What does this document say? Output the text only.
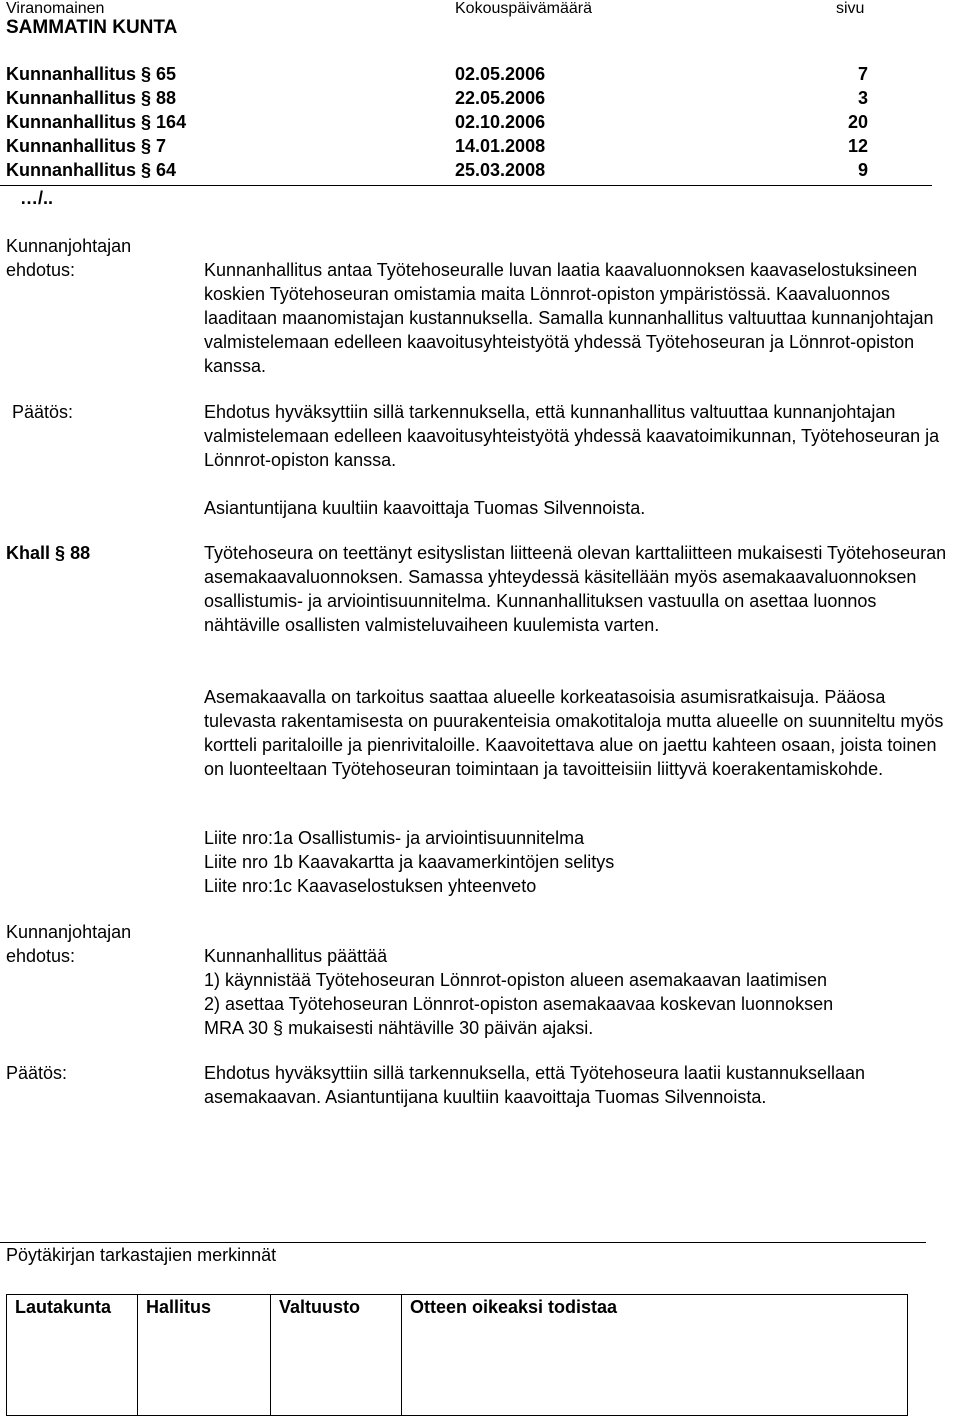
Viranomainen	Kokouspäivämäärä	sivu
SAMMATIN KUNTA
Kunnanhallitus § 65	02.05.2006	7
Kunnanhallitus § 88	22.05.2006	3
Kunnanhallitus § 164	02.10.2006	20
Kunnanhallitus § 7	14.01.2008	12
Kunnanhallitus § 64	25.03.2008	9
…/..
Kunnanjohtajan
ehdotus:	Kunnanhallitus antaa Työtehoseuralle luvan laatia kaavaluonnoksen kaavaselostuksineen koskien Työtehoseuran omistamia maita Lönnrot-opiston ympäristössä. Kaavaluonnos laaditaan maanomistajan kustannuksella. Samalla kunnanhallitus valtuuttaa kunnanjohtajan valmistelemaan edelleen kaavoitusyhteistyötä yhdessä Työtehoseuran ja Lönnrot-opiston kanssa.
Päätös:	Ehdotus hyväksyttiin sillä tarkennuksella, että kunnanhallitus valtuuttaa kunnanjohtajan valmistelemaan edelleen kaavoitusyhteistyötä yhdessä kaavatoimikunnan, Työtehoseuran ja Lönnrot-opiston kanssa.
Asiantuntijana kuultiin kaavoittaja Tuomas Silvennoista.
Khall § 88	Työtehoseura on teettänyt esityslistan liitteenä olevan karttaliitteen mukaisesti Työtehoseuran asemakaavaluonnoksen. Samassa yhteydessä käsitellään myös asemakaavaluonnoksen osallistumis- ja arviointisuunnitelma. Kunnanhallituksen vastuulla on asettaa luonnos nähtäville osallisten valmisteluvaiheen kuulemista varten.
Asemakaavalla on tarkoitus saattaa alueelle korkeatasoisia asumisratkaisuja. Pääosa tulevasta rakentamisesta on puurakenteisia omakotitaloja mutta alueelle on suunniteltu myös kortteli paritaloille ja pienrivitaloille. Kaavoitettava alue on jaettu kahteen osaan, joista toinen on luonteeltaan Työtehoseuran toimintaan ja tavoitteisiin liittyvä koerakentamiskohde.

Liite nro:1a Osallistumis- ja arviointisuunnitelma

Liite nro 1b Kaavakartta ja kaavamerkintöjen selitys

Liite nro:1c Kaavaselostuksen yhteenveto

Kunnanjohtajan
ehdotus:	Kunnanhallitus päättää

1) käynnistää Työtehoseuran Lönnrot-opiston alueen asemakaavan laatimisen

2) asettaa Työtehoseuran Lönnrot-opiston asemakaavaa koskevan luonnoksen

MRA 30 § mukaisesti nähtäville 30 päivän ajaksi.

Päätös:	Ehdotus hyväksyttiin sillä tarkennuksella, että Työtehoseura laatii kustannuksellaan asemakaavan. Asiantuntijana kuultiin kaavoittaja Tuomas Silvennoista.
Pöytäkirjan tarkastajien merkinnät
Lautakunta	Hallitus	Valtuusto	Otteen oikeaksi todistaa
